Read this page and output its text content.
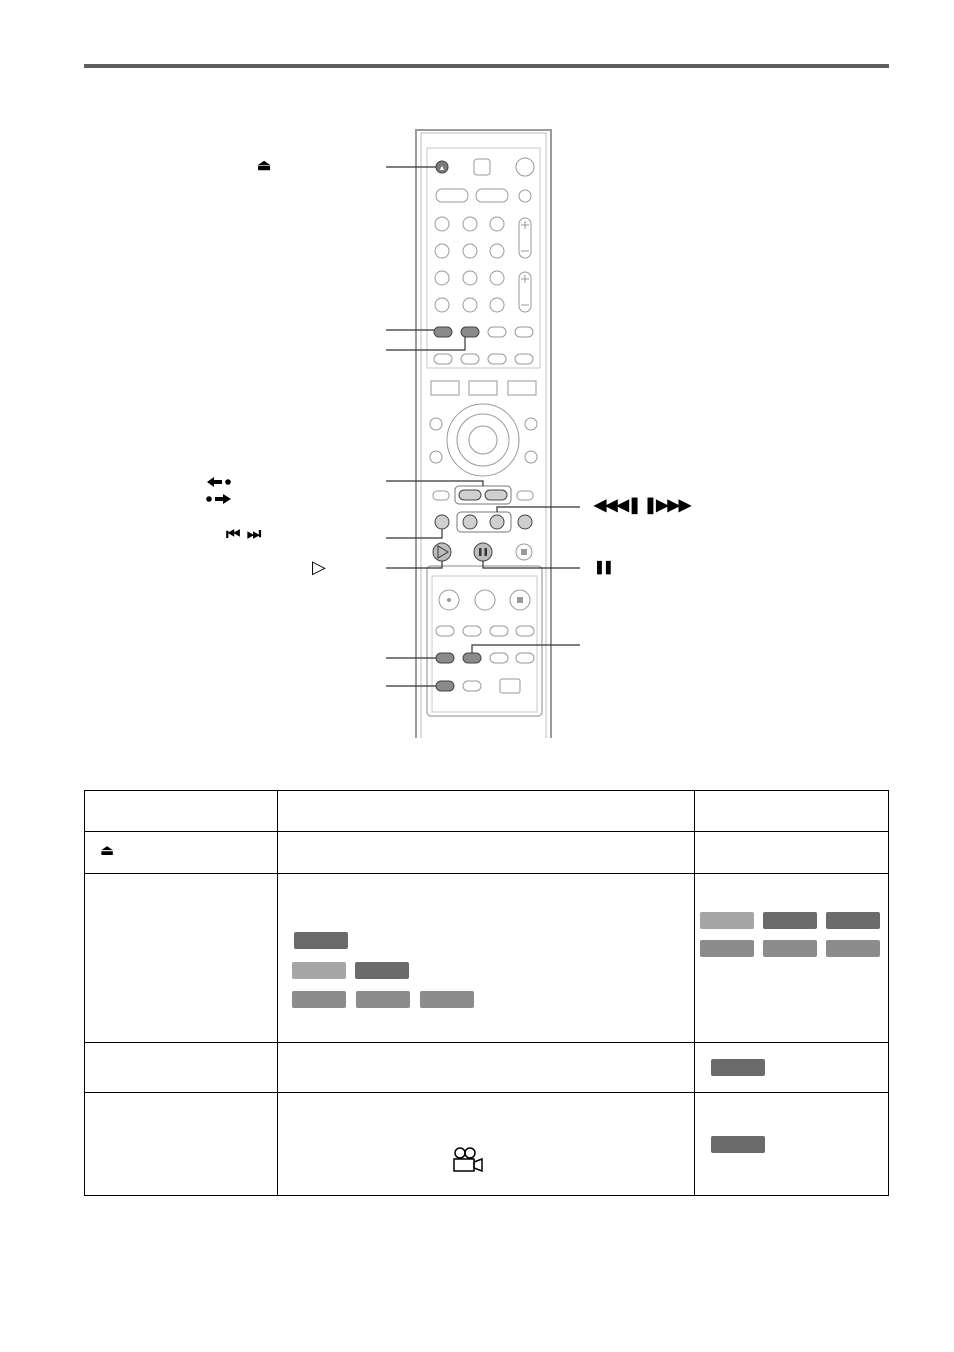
▲
⏏
⏮ ⏭
▷
◀◀◀❚ ❚▶▶▶
❚❚

⏏		
